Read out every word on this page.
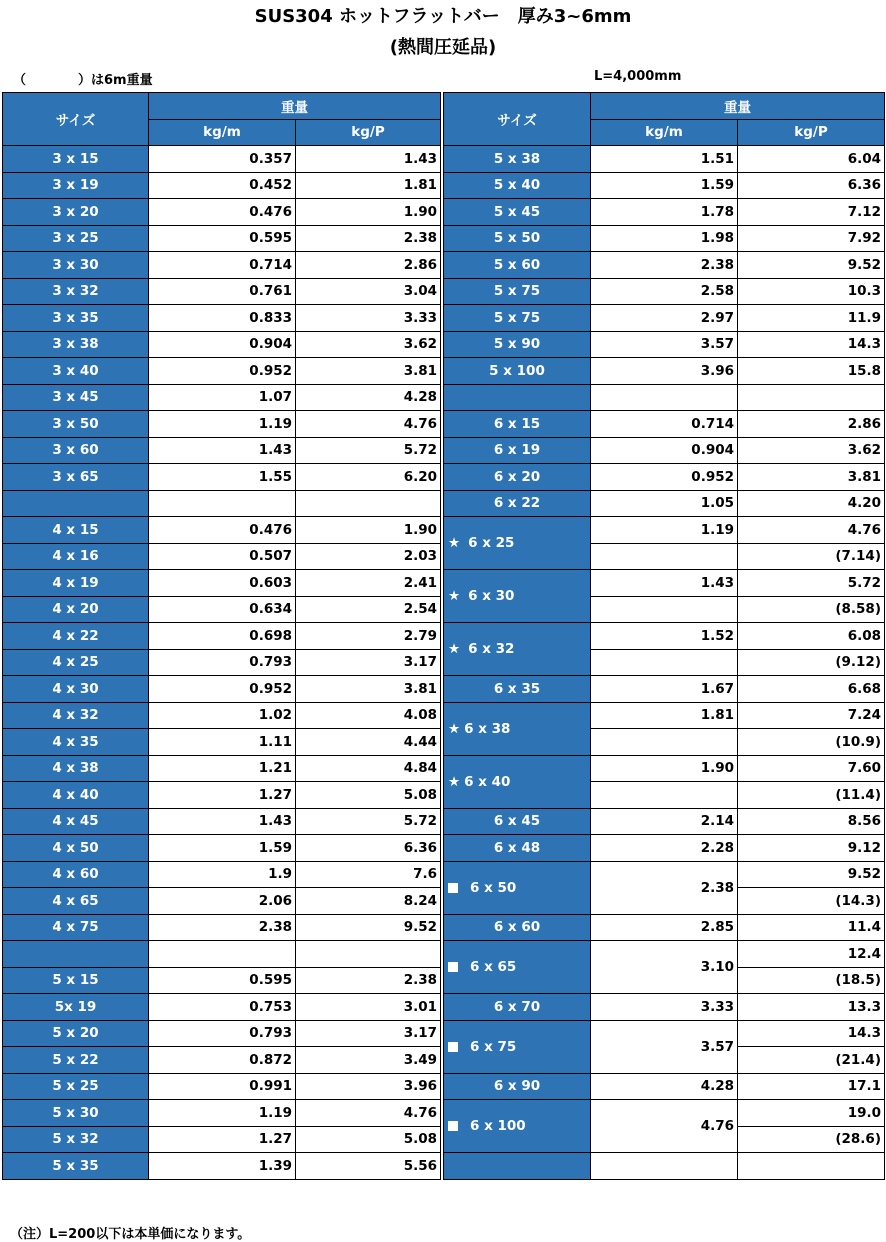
SUS304 ホットフラットバー　厚み3~6mm
(熱間圧延品)
（	）は6m重量	L=4,000mm
サイズ	重量	
	kg/m	kg/P
3 x 15	0.357	1.43
3 x 19	0.452	1.81
3 x 20	0.476	1.90
3 x 25	0.595	2.38
3 x 30	0.714	2.86
3 x 32	0.761	3.04
3 x 35	0.833	3.33
3 x 38	0.904	3.62
3 x 40	0.952	3.81
3 x 45	1.07	4.28
3 x 50	1.19	4.76
3 x 60	1.43	5.72
3 x 65	1.55	6.20

4 x 15	0.476	1.90
4 x 16	0.507	2.03
4 x 19	0.603	2.41
4 x 20	0.634	2.54
4 x 22	0.698	2.79
4 x 25	0.793	3.17
4 x 30	0.952	3.81
4 x 32	1.02	4.08
4 x 35	1.11	4.44
4 x 38	1.21	4.84
4 x 40	1.27	5.08
4 x 45	1.43	5.72
4 x 50	1.59	6.36
4 x 60	1.9	7.6
4 x 65	2.06	8.24
4 x 75	2.38	9.52

5 x 15	0.595	2.38
5x 19	0.753	3.01
5 x 20	0.793	3.17
5 x 22	0.872	3.49
5 x 25	0.991	3.96
5 x 30	1.19	4.76
5 x 32	1.27	5.08
5 x 35	1.39	5.56
サイズ	重量	
	kg/m	kg/P
5 x 38	1.51	6.04
5 x 40	1.59	6.36
5 x 45	1.78	7.12
5 x 50	1.98	7.92
5 x 60	2.38	9.52
5 x 75	2.58	10.3
5 x 75	2.97	11.9
5 x 90	3.57	14.3
5 x 100	3.96	15.8

6 x 15	0.714	2.86
6 x 19	0.904	3.62
6 x 20	0.952	3.81
6 x 22	1.05	4.20
★ 6 x 25	1.19	4.76
		(7.14)
★ 6 x 30	1.43	5.72
		(8.58)
★ 6 x 32	1.52	6.08
		(9.12)
6 x 35	1.67	6.68
★ 6 x 38	1.81	7.24
		(10.9)
★ 6 x 40	1.90	7.60
		(11.4)
6 x 45	2.14	8.56
6 x 48	2.28	9.12
6 x 50	2.38	9.52
		(14.3)
6 x 60	2.85	11.4
6 x 65	3.10	12.4
		(18.5)
6 x 70	3.33	13.3
6 x 75	3.57	14.3
		(21.4)
6 x 90	4.28	17.1
6 x 100	4.76	19.0
		(28.6)

（注）L=200以下は本単価になります。
